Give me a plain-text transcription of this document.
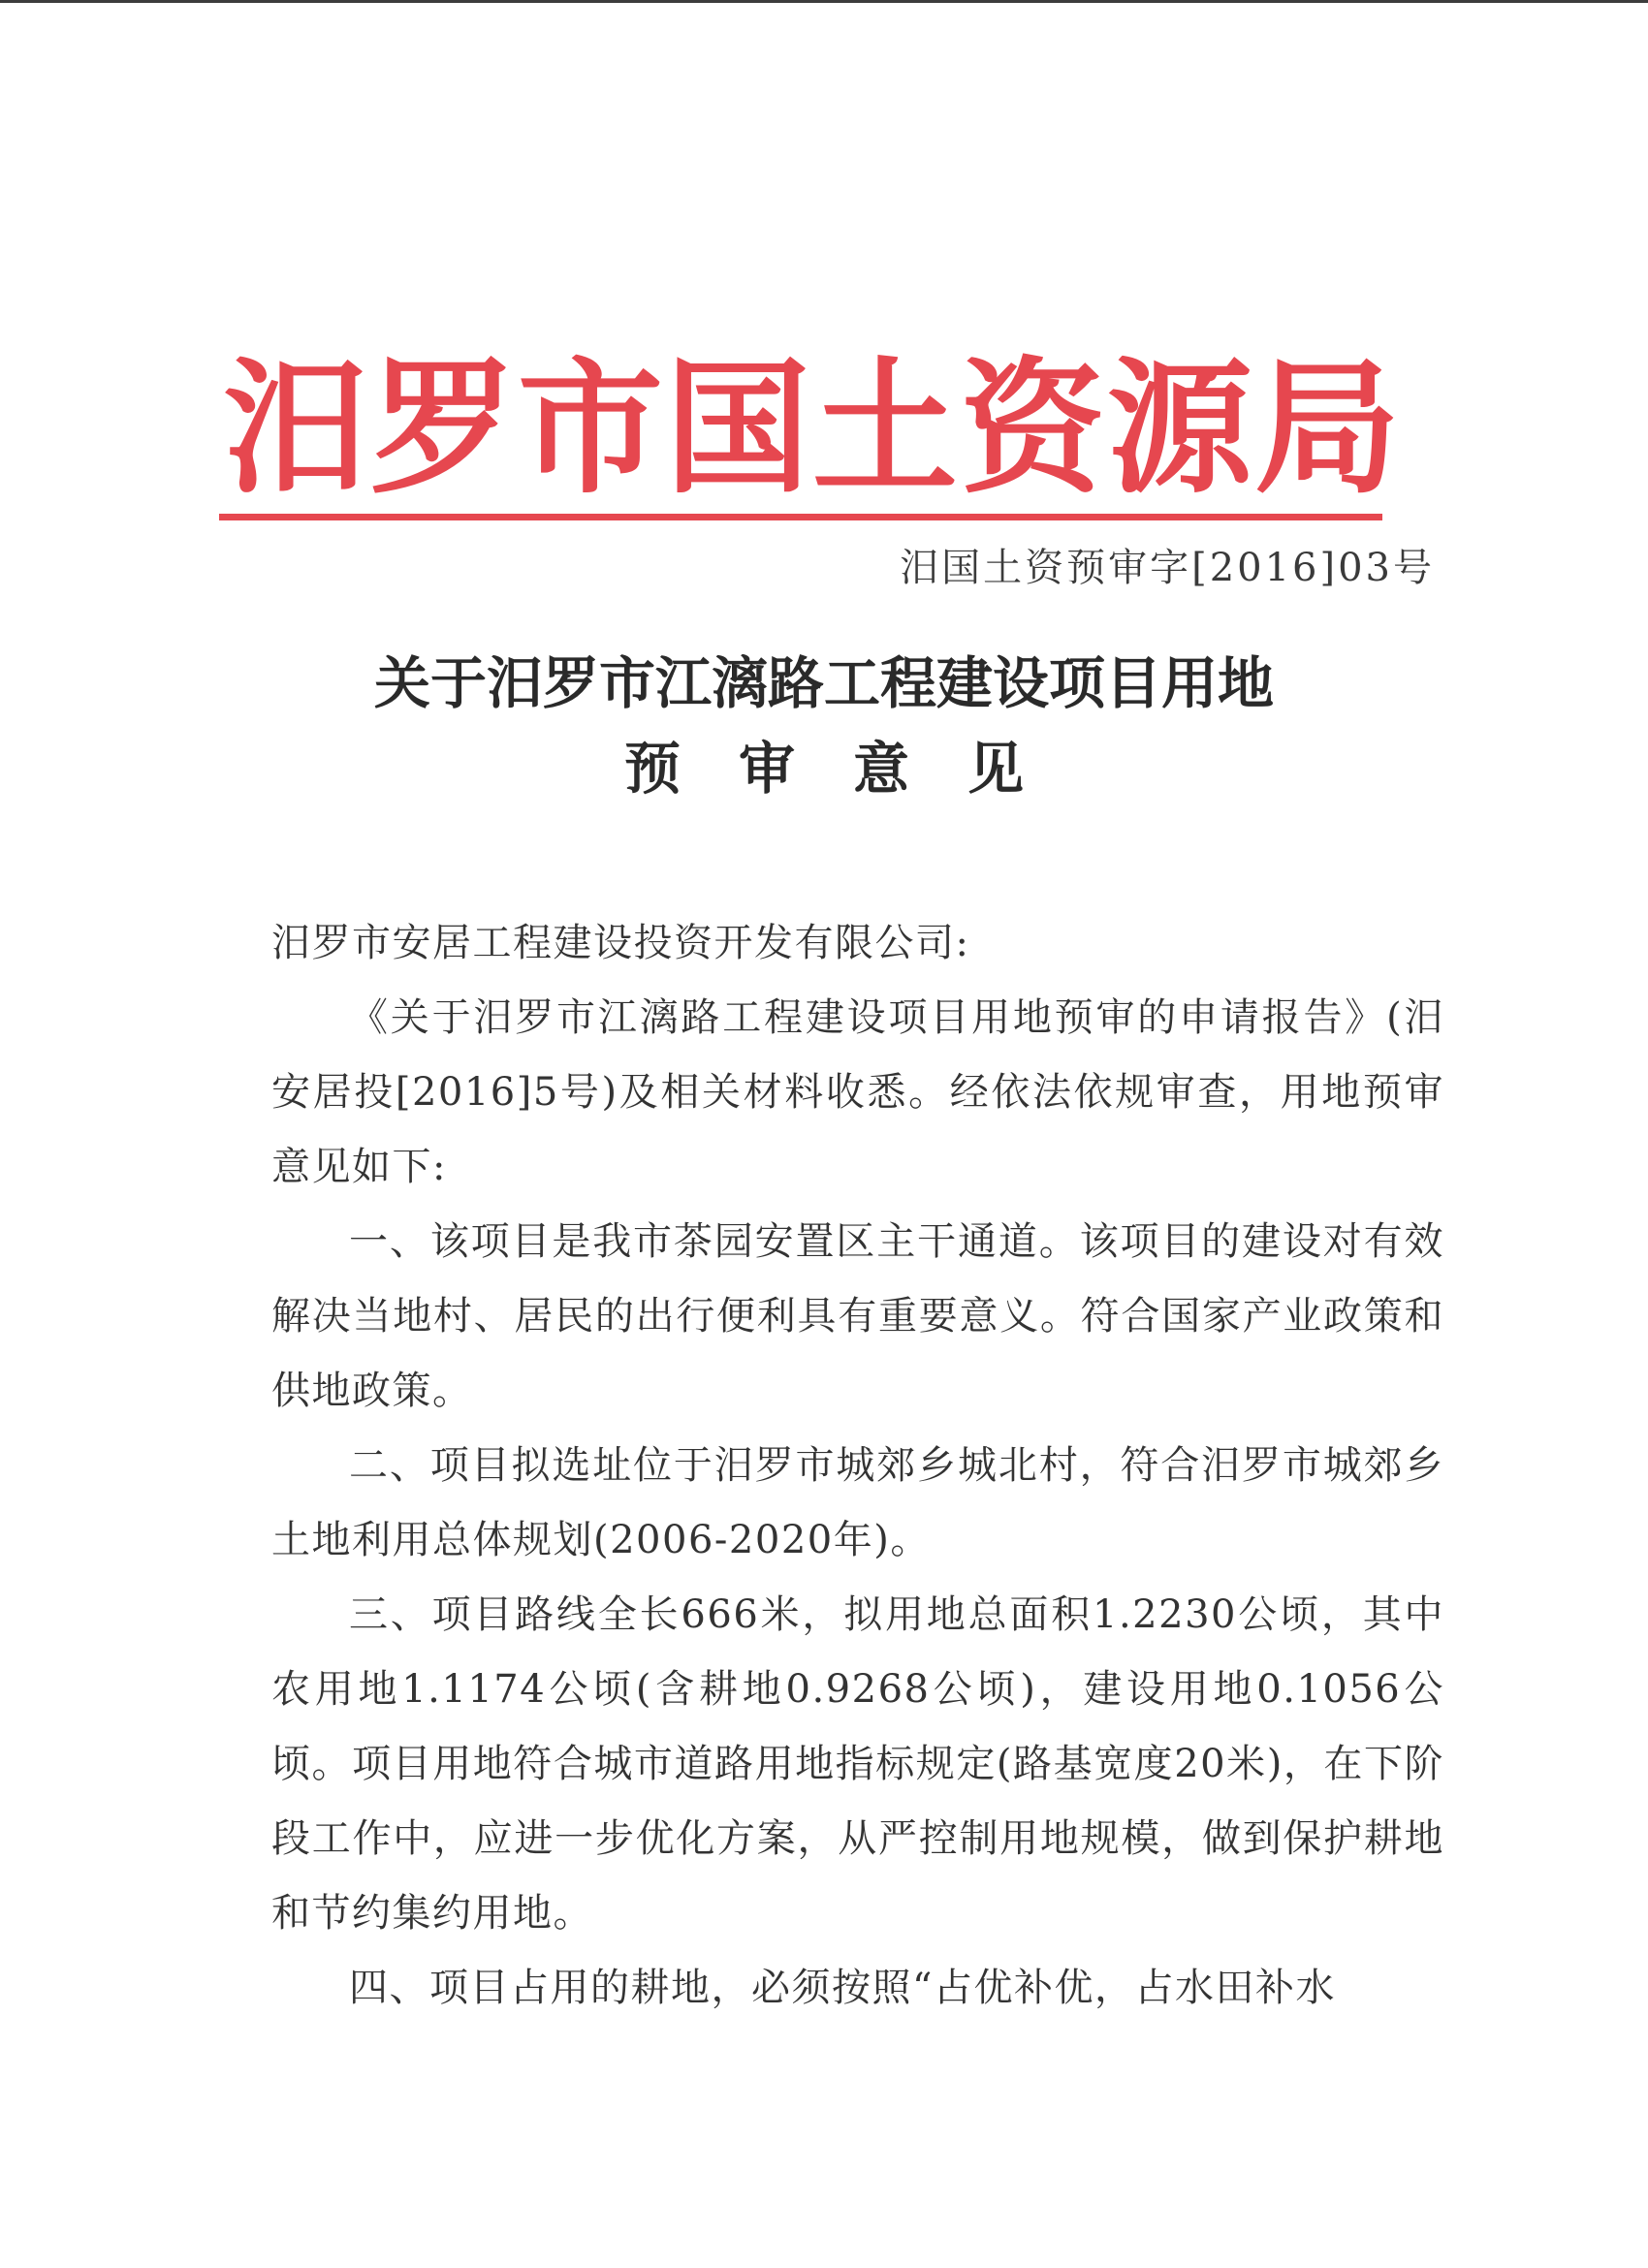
汨罗市国土资源局
汨国土资预审字[2016]03号
关于汨罗市江漓路工程建设项目用地
预审意见

汨罗市安居工程建设投资开发有限公司:

《关于汨罗市江漓路工程建设项目用地预审的申请报告》(汨安居投[2016]5号)及相关材料收悉。经依法依规审查，用地预审意见如下:

一、该项目是我市茶园安置区主干通道。该项目的建设对有效解决当地村、居民的出行便利具有重要意义。符合国家产业政策和供地政策。

二、项目拟选址位于汨罗市城郊乡城北村，符合汨罗市城郊乡土地利用总体规划(2006-2020年)。

三、项目路线全长666米，拟用地总面积1.2230公顷，其中农用地1.1174公顷(含耕地0.9268公顷)，建设用地0.1056公顷。项目用地符合城市道路用地指标规定(路基宽度20米)，在下阶段工作中，应进一步优化方案，从严控制用地规模，做到保护耕地和节约集约用地。

四、项目占用的耕地，必须按照“占优补优，占水田补水
